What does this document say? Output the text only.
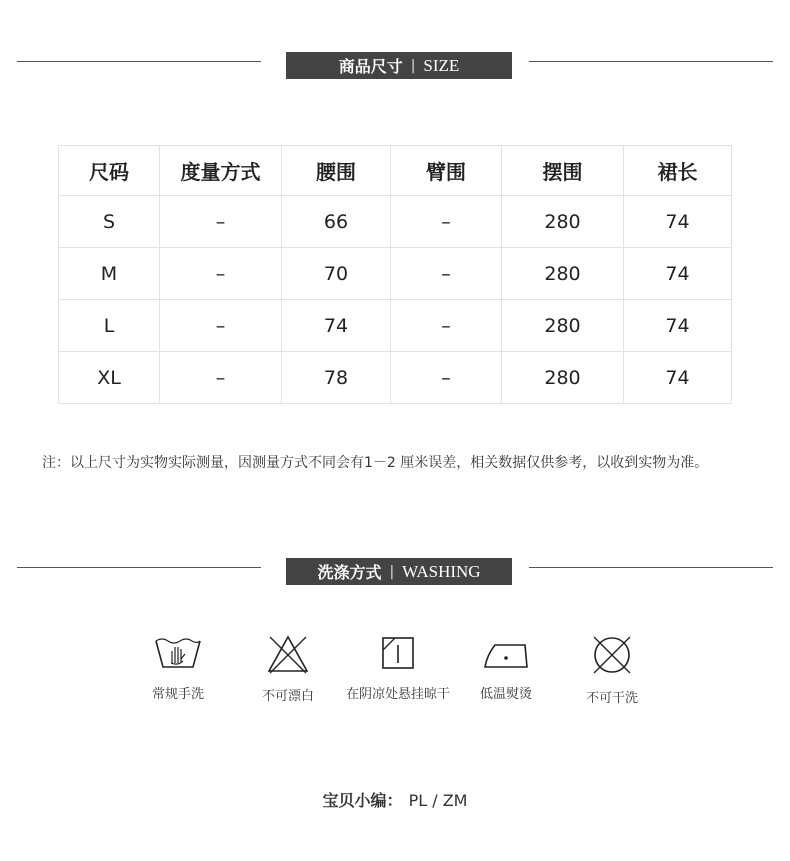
商品尺寸 | SIZE
尺码	度量方式	腰围	臂围	摆围	裙长
S	–	66	–	280	74
M	–	70	–	280	74
L	–	74	–	280	74
XL	–	78	–	280	74
注：以上尺寸为实物实际测量，因测量方式不同会有1－2 厘米误差，相关数据仅供参考，以收到实物为准。
洗涤方式 | WASHING
常规手洗	不可漂白	在阴凉处悬挂晾干	低温熨烫	不可干洗
宝贝小编： PL / ZM
